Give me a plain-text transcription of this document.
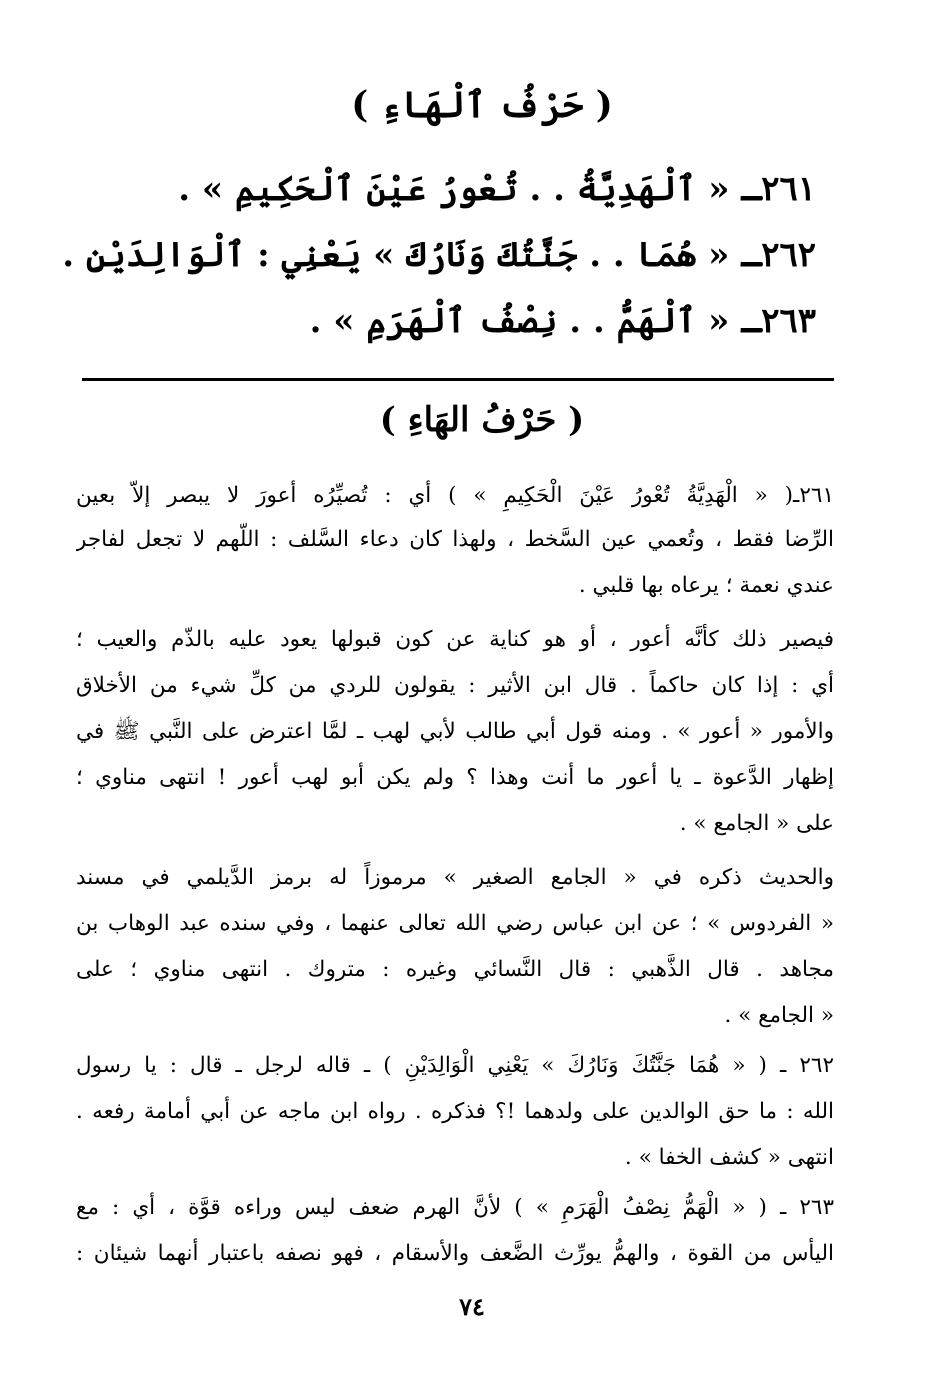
( حَرْفُ ٱلْهَاءِ )
٢٦١ـ « ٱلْهَدِيَّةُ . . تُعْورُ عَيْنَ ٱلْحَكِيمِ » .
٢٦٢ـ « هُمَا . . جَنَّتُكَ وَنَارُكَ » يَعْنِي : ٱلْوَالِدَيْنِ .
٢٦٣ـ « ٱلْهَمُّ . . نِصْفُ ٱلْهَرَمِ » .
( حَرْفُ الهَاءِ )
٢٦١ـ( « الْهَدِيَّةُ تُعْورُ عَيْنَ الْحَكِيمِ » ) أي : تُصيِّرُه أعورَ لا يبصر إلاّ بعين
الرِّضا فقط ، وتُعمي عين السَّخط ، ولهذا كان دعاء السَّلف : اللّهم لا تجعل لفاجر
عندي نعمة ؛ يرعاه بها قلبي .
فيصير ذلك كأنَّه أعور ، أو هو كناية عن كون قبولها يعود عليه بالذّم والعيب ؛
أي : إذا كان حاكماً . قال ابن الأثير : يقولون للردي من كلِّ شيء من الأخلاق
والأمور « أعور » . ومنه قول أبي طالب لأبي لهب ـ لمَّا اعترض على النَّبي ﷺ في
إظهار الدَّعوة ـ يا أعور ما أنت وهذا ؟ ولم يكن أبو لهب أعور ! انتهى مناوي ؛
على « الجامع » .
والحديث ذكره في « الجامع الصغير » مرموزاً له برمز الدَّيلمي في مسند
« الفردوس » ؛ عن ابن عباس رضي الله تعالى عنهما ، وفي سنده عبد الوهاب بن
مجاهد . قال الذَّهبي : قال النَّسائي وغيره : متروك . انتهى مناوي ؛ على
« الجامع » .
٢٦٢ ـ ( « هُمَا جَنَّتُكَ وَنَارُكَ » يَعْنِي الْوَالِدَيْنِ ) ـ قاله لرجل ـ قال : يا رسول
الله : ما حق الوالدين على ولدهما !؟ فذكره . رواه ابن ماجه عن أبي أمامة رفعه .
انتهى « كشف الخفا » .
٢٦٣ ـ ( « الْهَمُّ نِصْفُ الْهَرَمِ » ) لأنَّ الهرم ضعف ليس وراءه قوَّة ، أي : مع
اليأس من القوة ، والهمُّ يورِّث الضَّعف والأسقام ، فهو نصفه باعتبار أنهما شيئان :
٧٤
